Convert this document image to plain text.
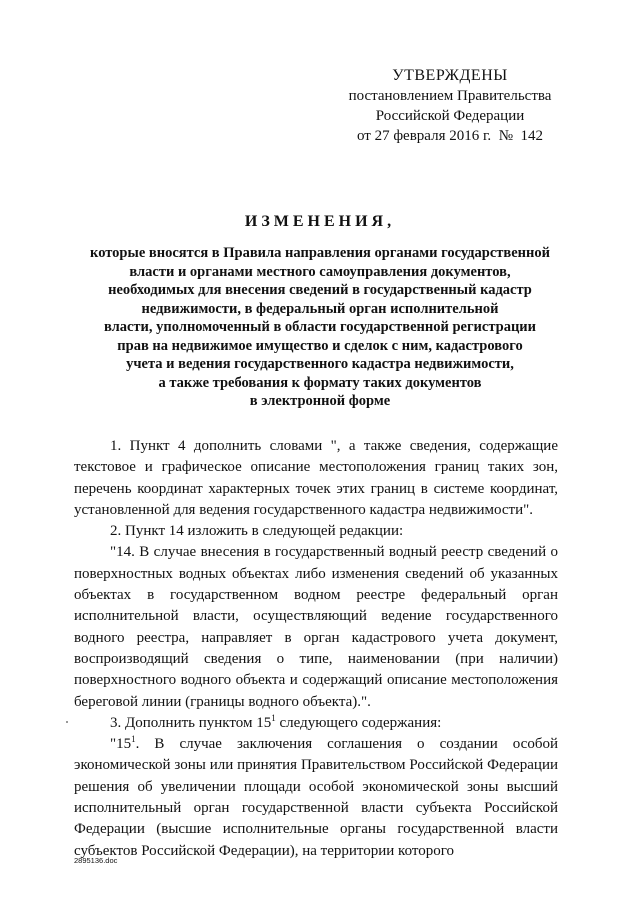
УТВЕРЖДЕНЫ
постановлением Правительства
Российской Федерации
от 27 февраля 2016 г. № 142
ИЗМЕНЕНИЯ,
которые вносятся в Правила направления органами государственной
власти и органами местного самоуправления документов,
необходимых для внесения сведений в государственный кадастр
недвижимости, в федеральный орган исполнительной
власти, уполномоченный в области государственной регистрации
прав на недвижимое имущество и сделок с ним, кадастрового
учета и ведения государственного кадастра недвижимости,
а также требования к формату таких документов
в электронной форме

1. Пункт 4 дополнить словами ", а также сведения, содержащие текстовое и графическое описание местоположения границ таких зон, перечень координат характерных точек этих границ в системе координат, установленной для ведения государственного кадастра недвижимости".

2. Пункт 14 изложить в следующей редакции:

"14. В случае внесения в государственный водный реестр сведений о поверхностных водных объектах либо изменения сведений об указанных объектах в государственном водном реестре федеральный орган исполнительной власти, осуществляющий ведение государственного водного реестра, направляет в орган кадастрового учета документ, воспроизводящий сведения о типе, наименовании (при наличии) поверхностного водного объекта и содержащий описание местоположения береговой линии (границы водного объекта).".

3. Дополнить пунктом $15^1$ следующего содержания:

"$15^1$. В случае заключения соглашения о создании особой экономической зоны или принятия Правительством Российской Федерации решения об увеличении площади особой экономической зоны высший исполнительный орган государственной власти субъекта Российской Федерации (высшие исполнительные органы государственной власти субъектов Российской Федерации), на территории которого

2895136.doc
